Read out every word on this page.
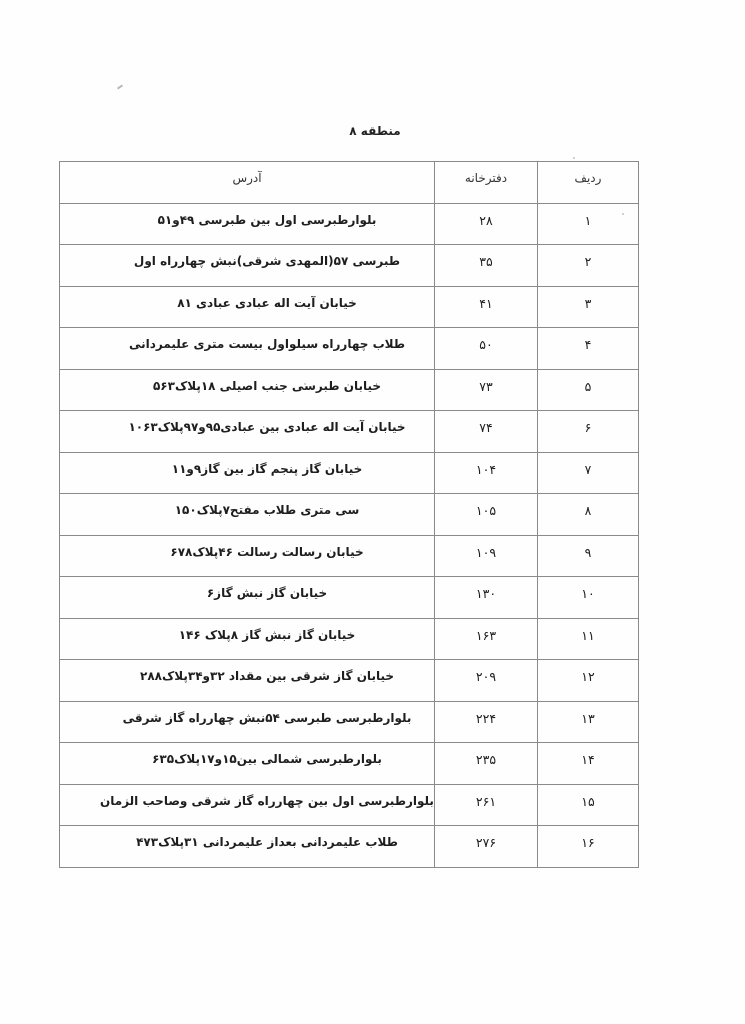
منطقه ۸
ردیف	دفترخانه	آدرس

۱	۲۸	بلوارطبرسی اول بین طبرسی ۴۹و۵۱

۲	۳۵	طبرسی ۵۷(المهدی شرقی)نبش چهارراه اول

۳	۴۱	خیابان آیت اله عبادی عبادی ۸۱

۴	۵۰	طلاب چهارراه سیلواول بیست متری علیمردانی

۵	۷۳	خیابان طبرسی جنب اصیلی ۱۸پلاک۵۶۳

۶	۷۴	خیابان آیت اله عبادی بین عبادی۹۵و۹۷پلاک۱۰۶۳

۷	۱۰۴	خیابان گاز پنجم گاز بین گاز۹و۱۱

۸	۱۰۵	سی متری طلاب مفتح۷پلاک۱۵۰

۹	۱۰۹	خیابان رسالت رسالت ۴۶پلاک۶۷۸

۱۰	۱۳۰	خیابان گاز نبش گاز۶

۱۱	۱۶۳	خیابان گاز نبش گاز ۸پلاک ۱۴۶

۱۲	۲۰۹	خیابان گاز شرقی بین مقداد ۳۲و۳۴پلاک۲۸۸

۱۳	۲۲۴	بلوارطبرسی طبرسی ۵۴نبش چهارراه گاز شرقی

۱۴	۲۳۵	بلوارطبرسی شمالی بین۱۵و۱۷پلاک۶۳۵

۱۵	۲۶۱	بلوارطبرسی اول بین چهارراه گاز شرقی وصاحب الزمان

۱۶	۲۷۶	طلاب علیمردانی بعداز علیمردانی ۳۱پلاک۴۷۳
